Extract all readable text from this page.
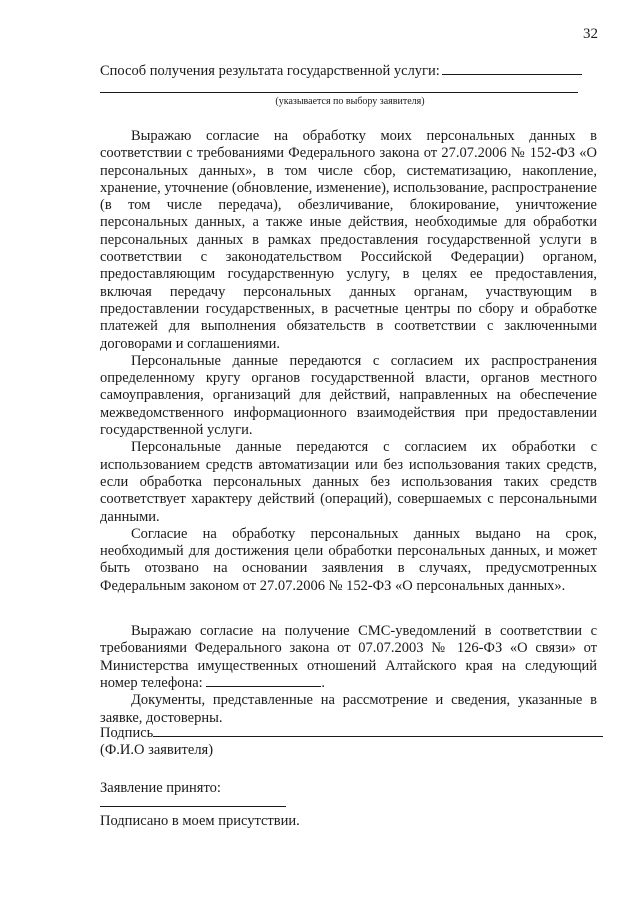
32
Способ получения результата государственной услуги:
(указывается по выбору заявителя)

Выражаю согласие на обработку моих персональных данных в соответствии с требованиями Федерального закона от 27.07.2006 № 152-ФЗ «О персональных данных», в том числе сбор, систематизацию, накопление, хранение, уточнение (обновление, изменение), использование, распространение (в том числе передача), обезличивание, блокирование, уничтожение персональных данных, а также иные действия, необходимые для обработки персональных данных в рамках предоставления государственной услуги в соответствии с законодательством Российской Федерации) органом, предоставляющим государственную услугу, в целях ее предоставления, включая передачу персональных данных органам, участвующим в предоставлении государственных, в расчетные центры по сбору и обработке платежей для выполнения обязательств в соответствии с заключенными договорами и соглашениями.

Персональные данные передаются с согласием их распространения определенному кругу органов государственной власти, органов местного самоуправления, организаций для действий, направленных на обеспечение межведомственного информационного взаимодействия при предоставлении государственной услуги.

Персональные данные передаются с согласием их обработки с использованием средств автоматизации или без использования таких средств, если обработка персональных данных без использования таких средств соответствует характеру действий (операций), совершаемых с персональными данными.

Согласие на обработку персональных данных выдано на срок, необходимый для достижения цели обработки персональных данных, и может быть отозвано на основании заявления в случаях, предусмотренных Федеральным законом от 27.07.2006 № 152-ФЗ «О персональных данных».

Выражаю согласие на получение СМС-уведомлений в соответствии с требованиями Федерального закона от 07.07.2003 № 126-ФЗ «О связи» от Министерства имущественных отношений Алтайского края на следующий номер телефона:	.

Документы, представленные на рассмотрение и сведения, указанные в заявке, достоверны.

Подпись
(Ф.И.О заявителя)
Заявление принято:
Подписано в моем присутствии.
